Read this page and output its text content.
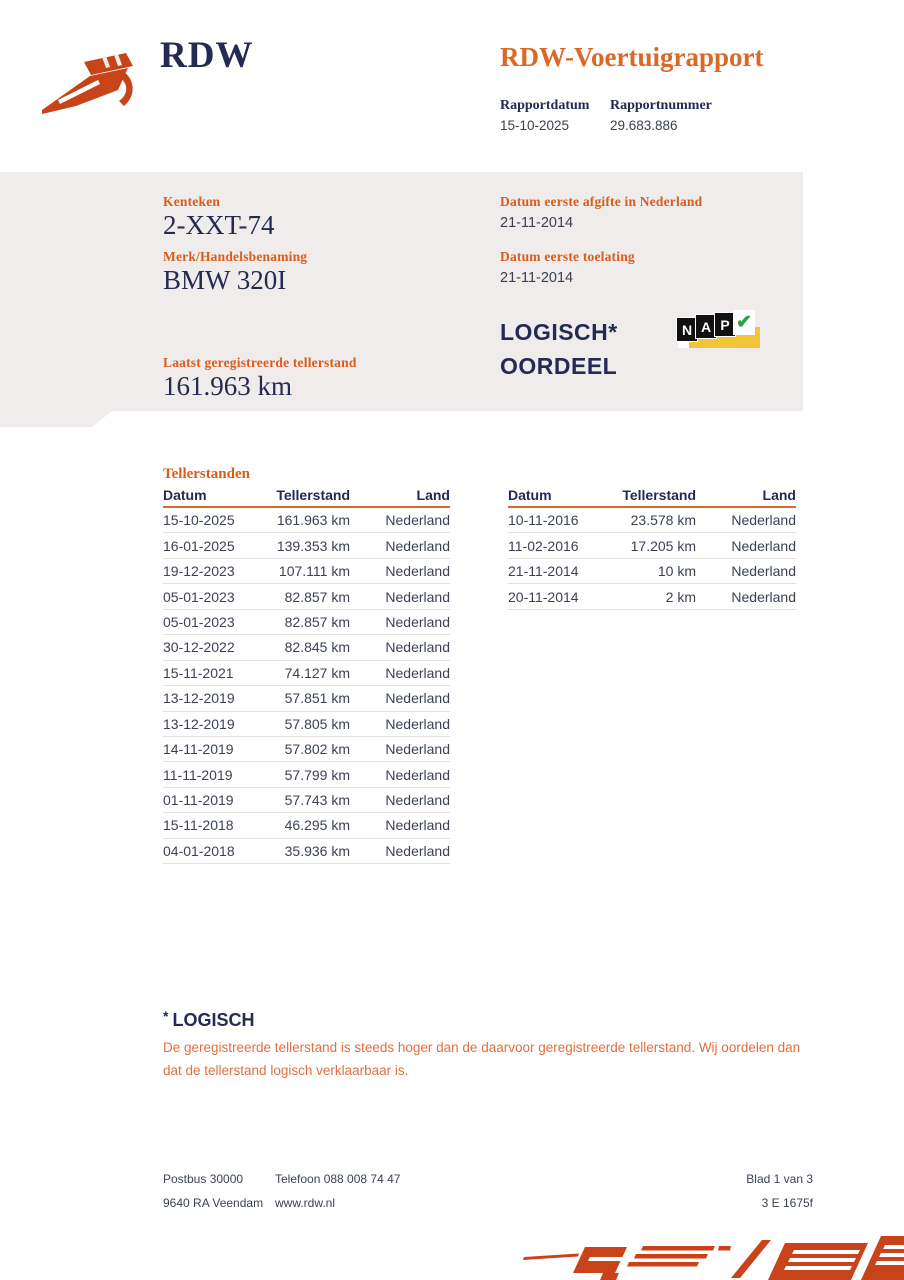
RDW	RDW-Voertuigrapport
Rapportdatum Rapportnummer
15-10-2025	29.683.886
Kenteken
2-XXT-74
Merk/Handelsbenaming
BMW 320I
Laatst geregistreerde tellerstand
161.963 km
Datum eerste afgifte in Nederland
21-11-2014
Datum eerste toelating
21-11-2014
LOGISCH*
OORDEEL
N A P ✔
Tellerstanden
Datum	Tellerstand	Land
15-10-2025	161.963 km	Nederland
16-01-2025	139.353 km	Nederland
19-12-2023	107.111 km	Nederland
05-01-2023	82.857 km	Nederland
05-01-2023	82.857 km	Nederland
30-12-2022	82.845 km	Nederland
15-11-2021	74.127 km	Nederland
13-12-2019	57.851 km	Nederland
13-12-2019	57.805 km	Nederland
14-11-2019	57.802 km	Nederland
11-11-2019	57.799 km	Nederland
01-11-2019	57.743 km	Nederland
15-11-2018	46.295 km	Nederland
04-01-2018	35.936 km	Nederland
Datum	Tellerstand	Land
10-11-2016	23.578 km	Nederland
11-02-2016	17.205 km	Nederland
21-11-2014	10 km	Nederland
20-11-2014	2 km	Nederland
* LOGISCH
De geregistreerde tellerstand is steeds hoger dan de daarvoor geregistreerde tellerstand. Wij oordelen dan
dat de tellerstand logisch verklaarbaar is.
Postbus 30000
9640 RA Veendam
Telefoon 088 008 74 47
www.rdw.nl
Blad 1 van 3
3 E 1675f
